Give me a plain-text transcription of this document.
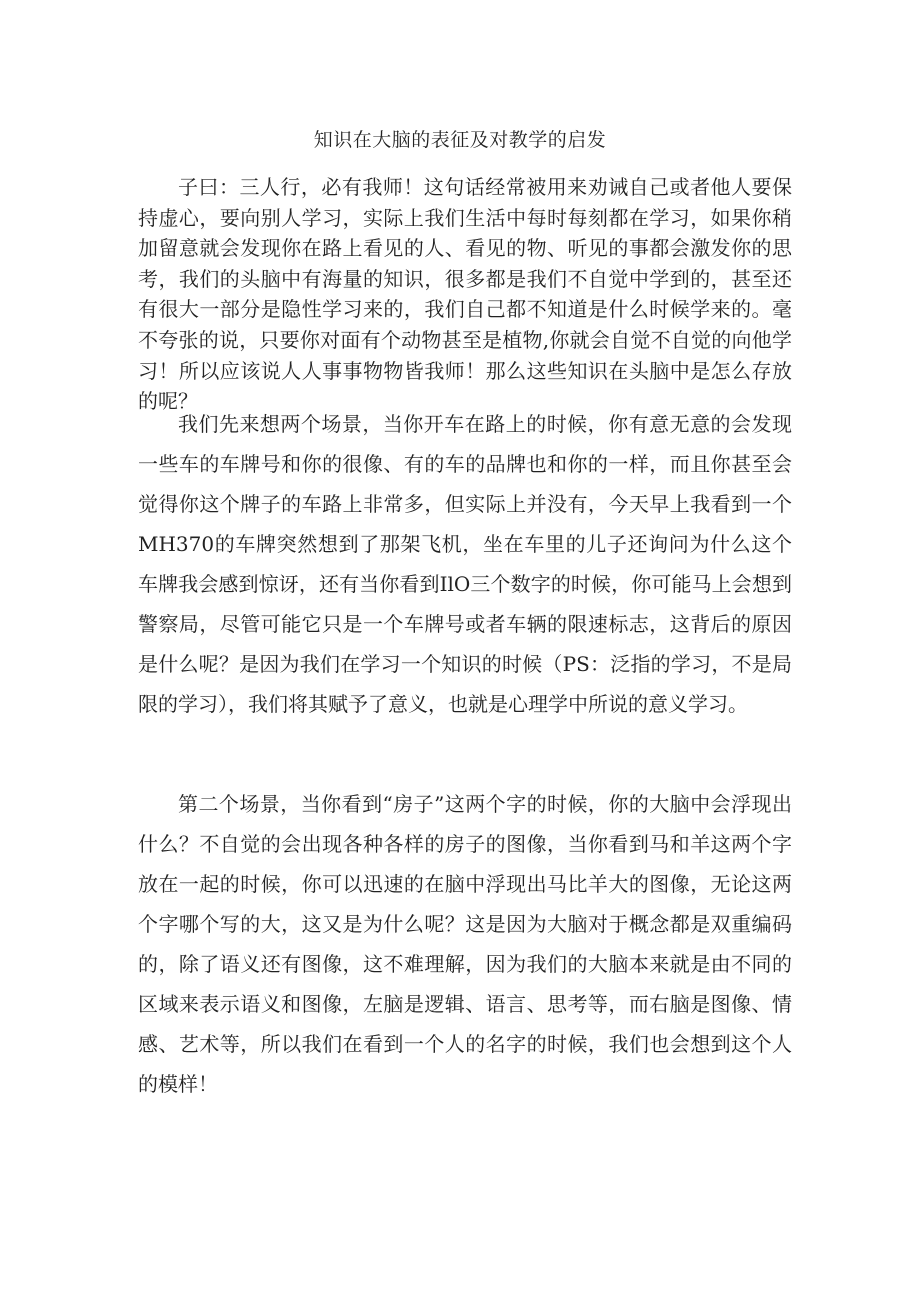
知识在大脑的表征及对教学的启发

子曰：三人行，必有我师！这句话经常被用来劝诫自己或者他人要保持虚心，要向别人学习，实际上我们生活中每时每刻都在学习，如果你稍加留意就会发现你在路上看见的人、看见的物、听见的事都会激发你的思考，我们的头脑中有海量的知识，很多都是我们不自觉中学到的，甚至还有很大一部分是隐性学习来的，我们自己都不知道是什么时候学来的。毫不夸张的说，只要你对面有个动物甚至是植物,你就会自觉不自觉的向他学习！所以应该说人人事事物物皆我师！那么这些知识在头脑中是怎么存放的呢？

我们先来想两个场景，当你开车在路上的时候，你有意无意的会发现一些车的车牌号和你的很像、有的车的品牌也和你的一样，而且你甚至会觉得你这个牌子的车路上非常多，但实际上并没有，今天早上我看到一个MH370的车牌突然想到了那架飞机，坐在车里的儿子还询问为什么这个车牌我会感到惊讶，还有当你看到IlO三个数字的时候，你可能马上会想到警察局，尽管可能它只是一个车牌号或者车辆的限速标志，这背后的原因是什么呢？是因为我们在学习一个知识的时候（PS：泛指的学习，不是局限的学习），我们将其赋予了意义，也就是心理学中所说的意义学习。

第二个场景，当你看到“房子”这两个字的时候，你的大脑中会浮现出什么？不自觉的会出现各种各样的房子的图像，当你看到马和羊这两个字放在一起的时候，你可以迅速的在脑中浮现出马比羊大的图像，无论这两个字哪个写的大，这又是为什么呢？这是因为大脑对于概念都是双重编码的，除了语义还有图像，这不难理解，因为我们的大脑本来就是由不同的区域来表示语义和图像，左脑是逻辑、语言、思考等，而右脑是图像、情感、艺术等，所以我们在看到一个人的名字的时候，我们也会想到这个人的模样！
